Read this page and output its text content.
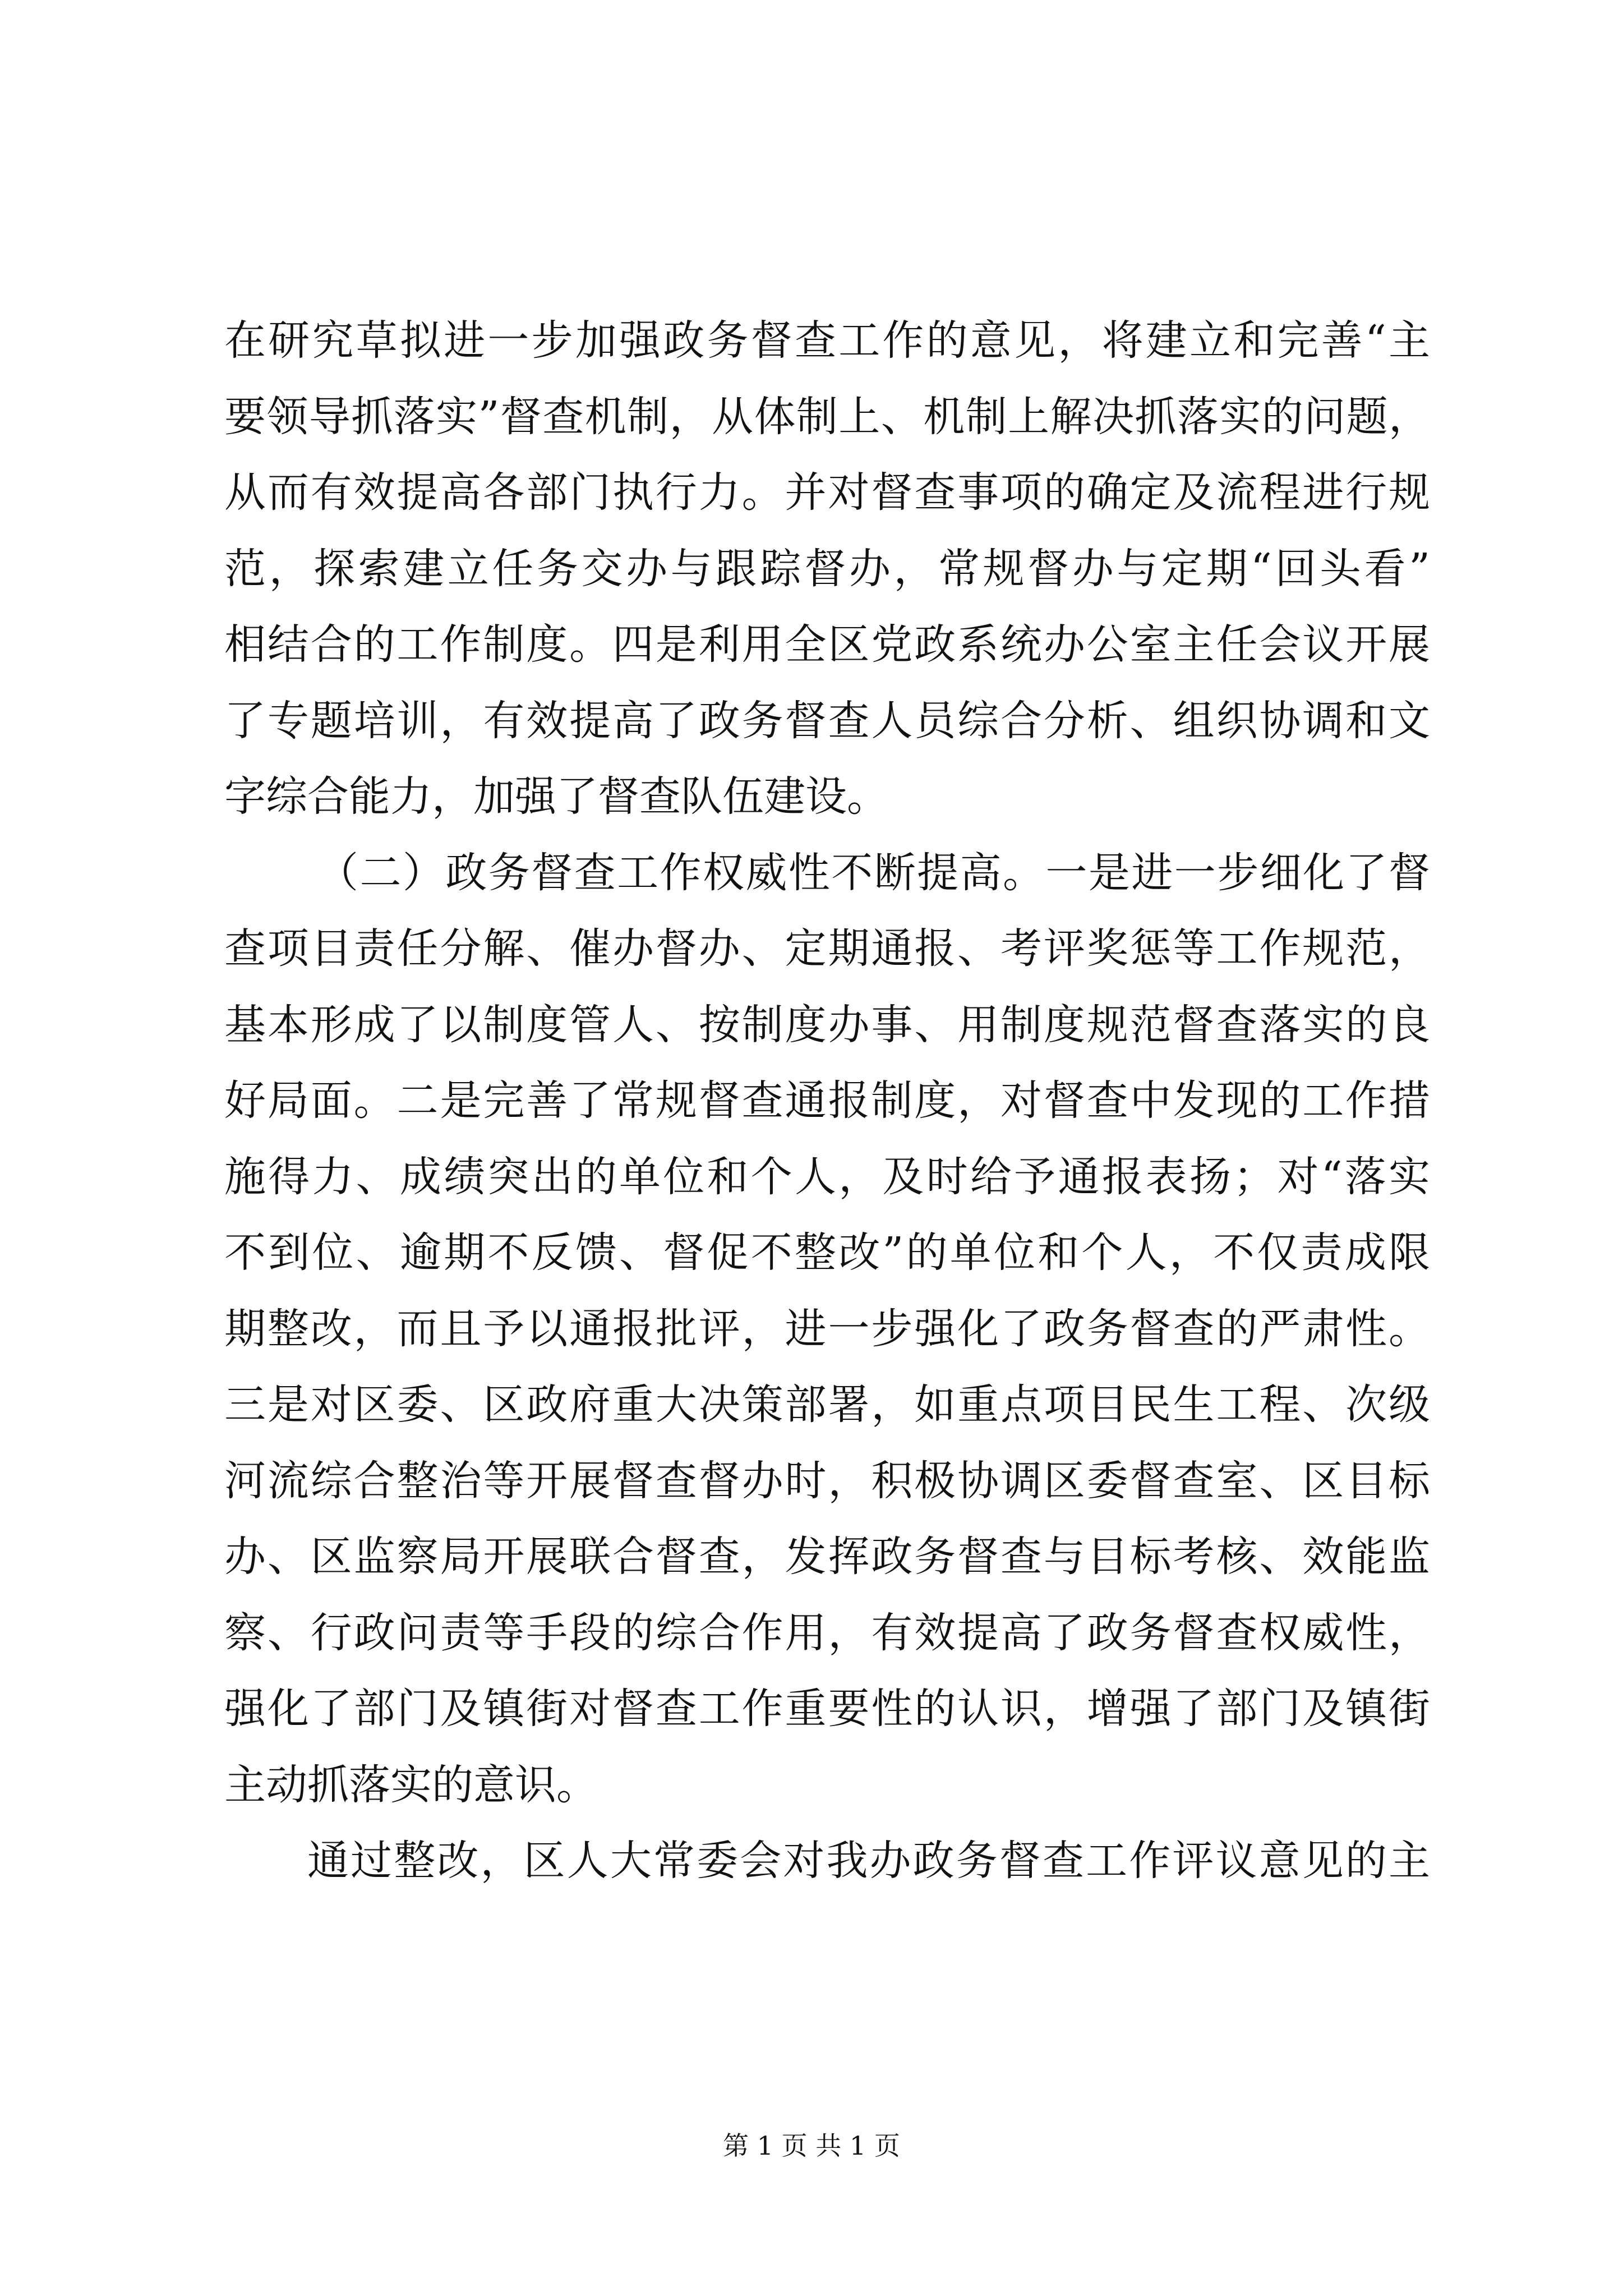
在研究草拟进一步加强政务督查工作的意见，将建立和完善“主
要领导抓落实”督查机制，从体制上、机制上解决抓落实的问题，
从而有效提高各部门执行力。并对督查事项的确定及流程进行规
范，探索建立任务交办与跟踪督办，常规督办与定期“回头看”
相结合的工作制度。四是利用全区党政系统办公室主任会议开展
了专题培训，有效提高了政务督查人员综合分析、组织协调和文
字综合能力，加强了督查队伍建设。
（二）政务督查工作权威性不断提高。一是进一步细化了督
查项目责任分解、催办督办、定期通报、考评奖惩等工作规范，
基本形成了以制度管人、按制度办事、用制度规范督查落实的良
好局面。二是完善了常规督查通报制度，对督查中发现的工作措
施得力、成绩突出的单位和个人，及时给予通报表扬；对“落实
不到位、逾期不反馈、督促不整改”的单位和个人，不仅责成限
期整改，而且予以通报批评，进一步强化了政务督查的严肃性。
三是对区委、区政府重大决策部署，如重点项目民生工程、次级
河流综合整治等开展督查督办时，积极协调区委督查室、区目标
办、区监察局开展联合督查，发挥政务督查与目标考核、效能监
察、行政问责等手段的综合作用，有效提高了政务督查权威性，
强化了部门及镇街对督查工作重要性的认识，增强了部门及镇街
主动抓落实的意识。
通过整改，区人大常委会对我办政务督查工作评议意见的主
第 1 页 共 1 页
